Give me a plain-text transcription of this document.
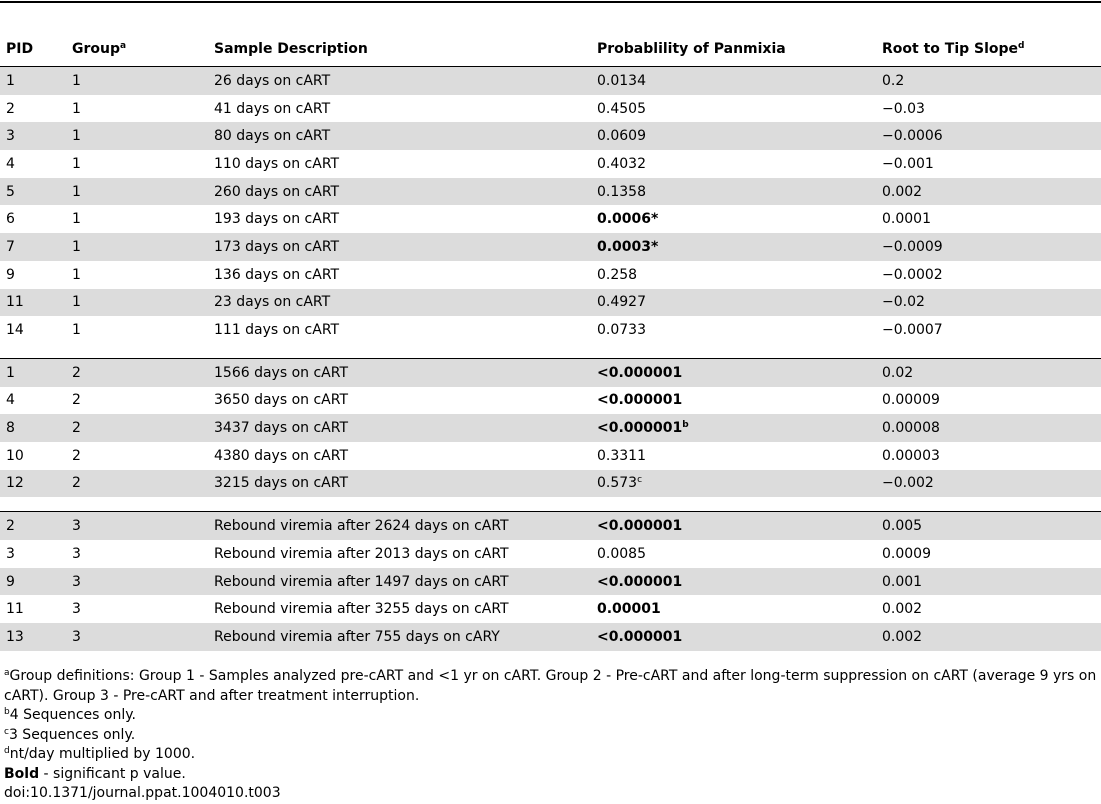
PID	Group$^a$	Sample Description	Probablility of Panmixia	Root to Tip Slope$^d$
1	1	26 days on cART	0.0134	0.2
2	1	41 days on cART	0.4505	−0.03
3	1	80 days on cART	0.0609	−0.0006
4	1	110 days on cART	0.4032	−0.001
5	1	260 days on cART	0.1358	0.002
6	1	193 days on cART	0.0006*	0.0001
7	1	173 days on cART	0.0003*	−0.0009
9	1	136 days on cART	0.258	−0.0002
11	1	23 days on cART	0.4927	−0.02
14	1	111 days on cART	0.0733	−0.0007

1	2	1566 days on cART	<0.000001	0.02
4	2	3650 days on cART	<0.000001	0.00009
8	2	3437 days on cART	<0.000001$^b$	0.00008
10	2	4380 days on cART	0.3311	0.00003
12	2	3215 days on cART	0.573$^c$	−0.002

2	3	Rebound viremia after 2624 days on cART	<0.000001	0.005
3	3	Rebound viremia after 2013 days on cART	0.0085	0.0009
9	3	Rebound viremia after 1497 days on cART	<0.000001	0.001
11	3	Rebound viremia after 3255 days on cART	0.00001	0.002
13	3	Rebound viremia after 755 days on cARY	<0.000001	0.002
$^a$Group definitions: Group 1 - Samples analyzed pre-cART and <1 yr on cART. Group 2 - Pre-cART and after long-term suppression on cART (average 9 yrs on cART). Group 3 - Pre-cART and after treatment interruption.
$^b$4 Sequences only.
$^c$3 Sequences only.
$^d$nt/day multiplied by 1000.
Bold - significant p value.
doi:10.1371/journal.ppat.1004010.t003
